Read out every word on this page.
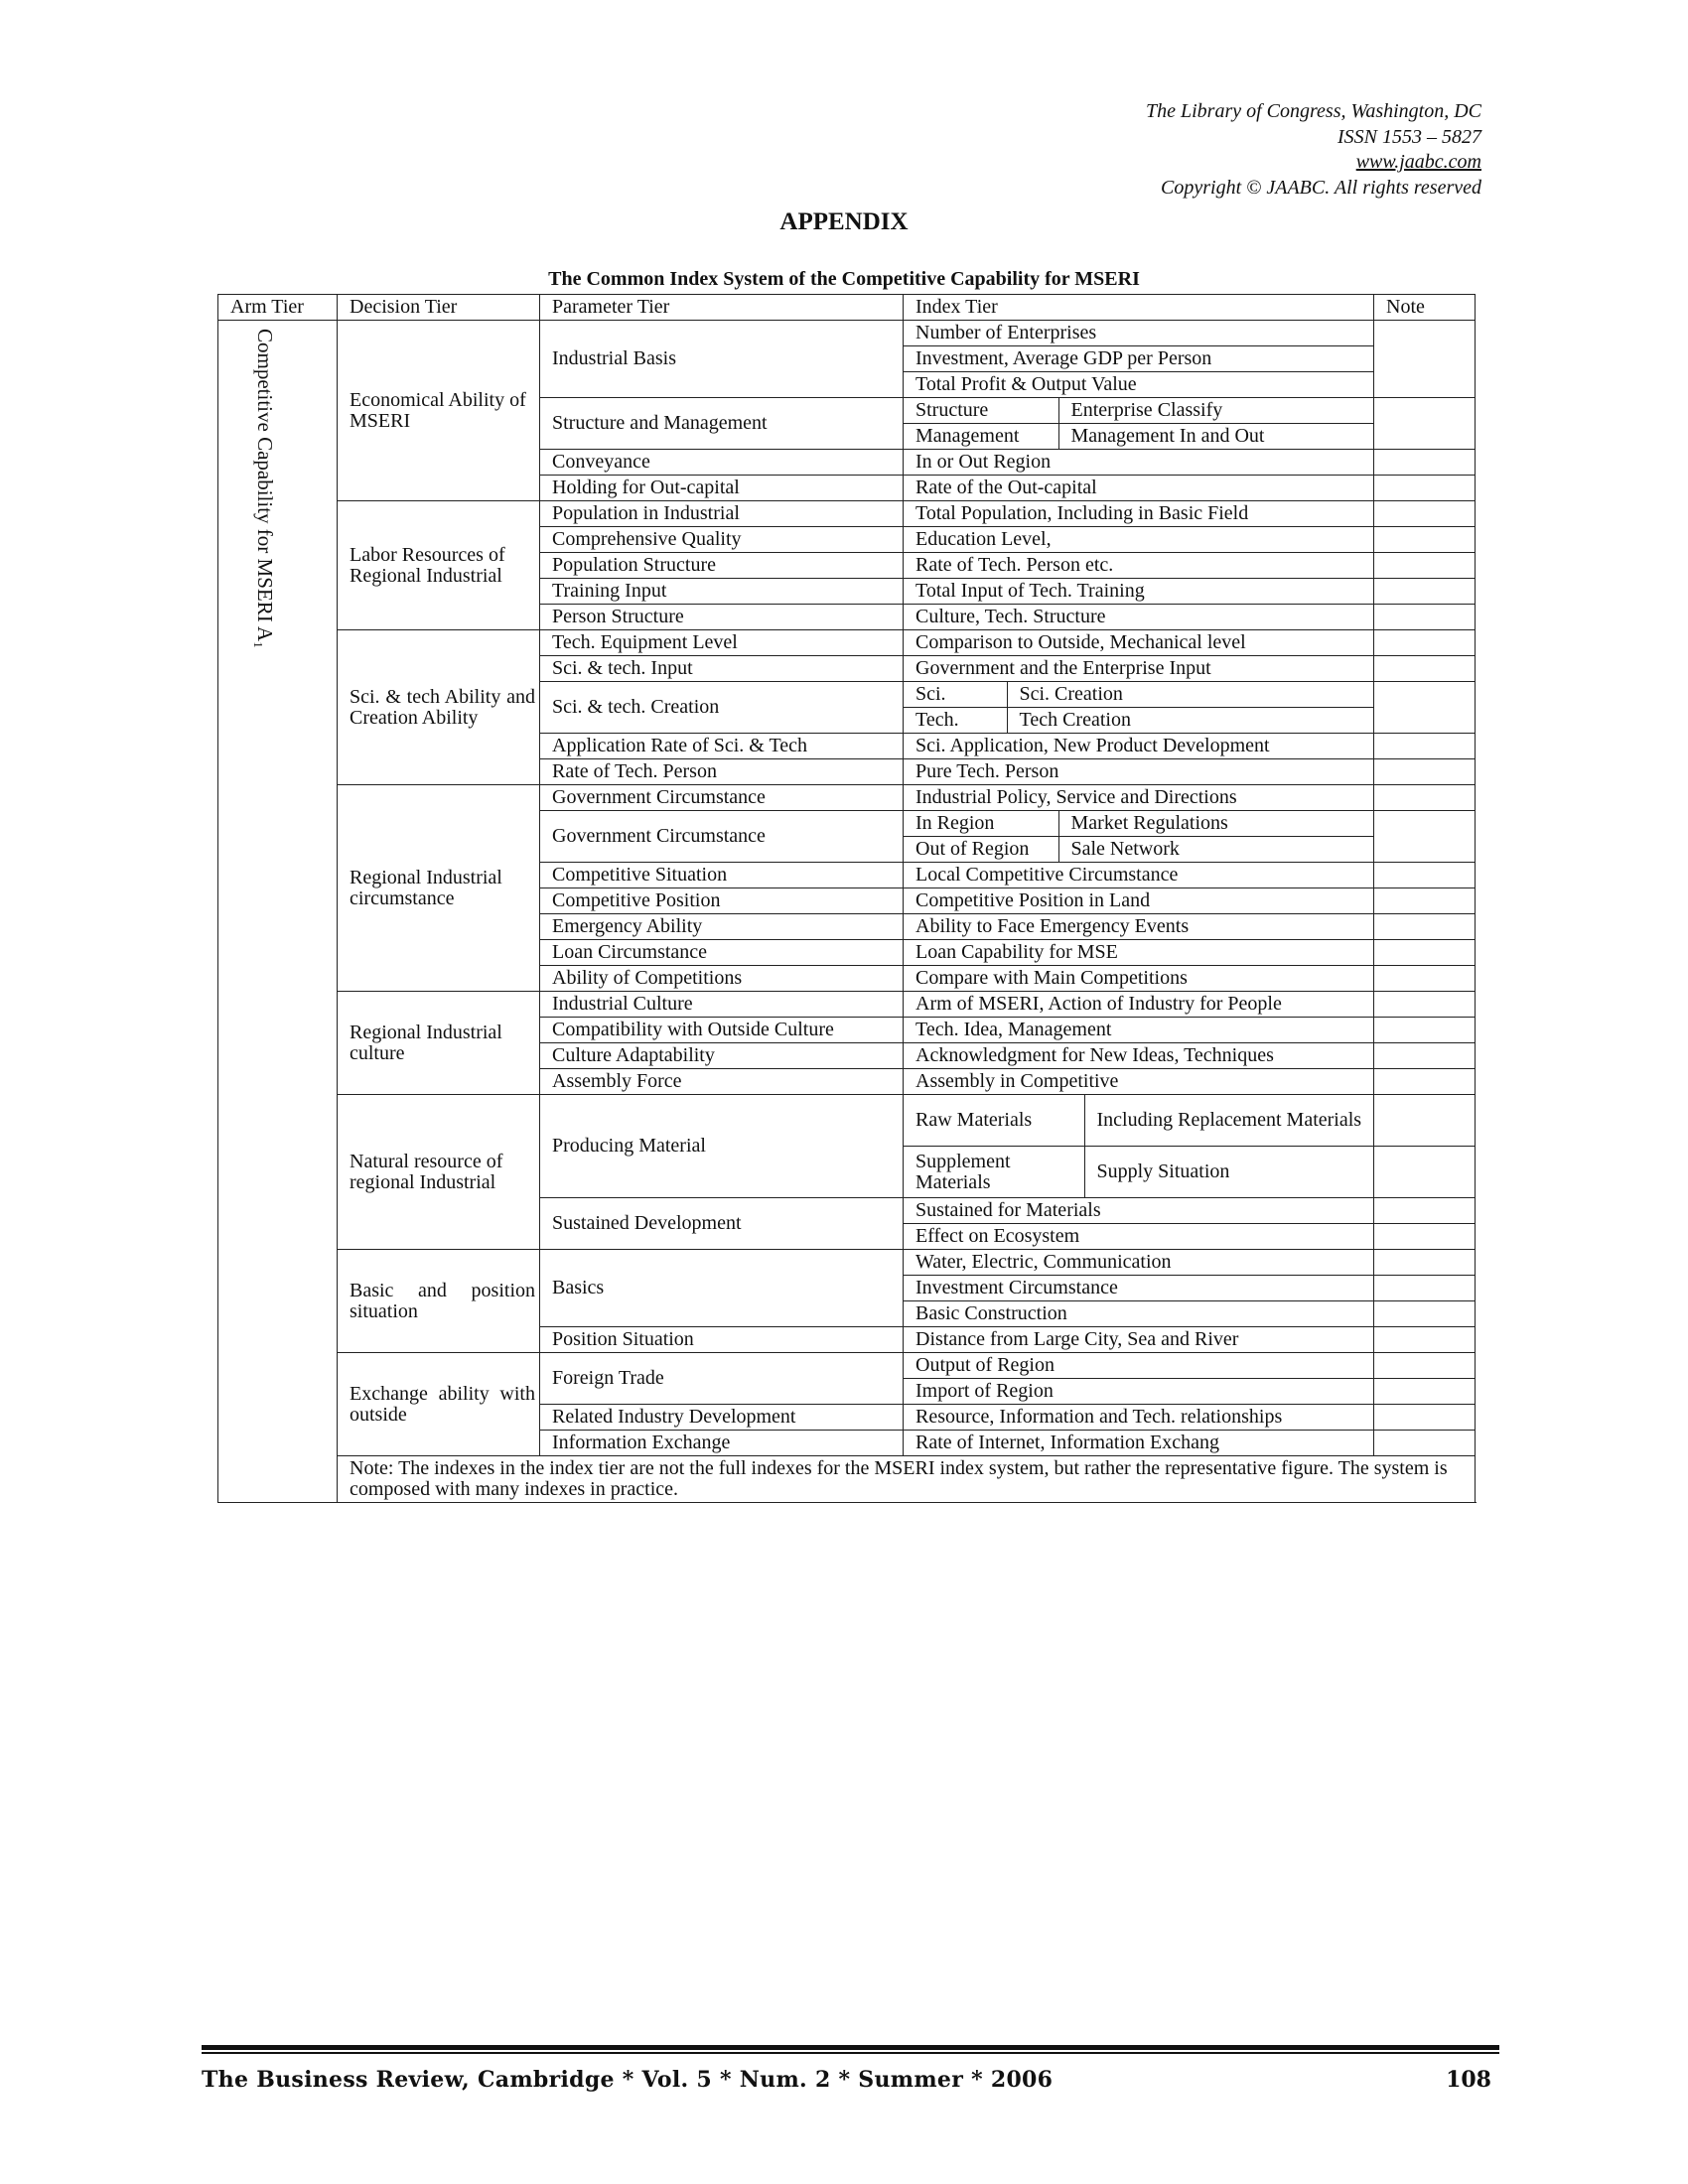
The Library of Congress, Washington, DC
ISSN 1553 – 5827
www.jaabc.com
Copyright © JAABC. All rights reserved
APPENDIX
The Common Index System of the Competitive Capability for MSERI
Arm Tier	Decision Tier	Parameter Tier	Index Tier	Note

Competitive Capability for MSERI A₁	Economical Ability of MSERI	Industrial Basis	Number of Enterprises	
Investment, Average GDP per Person
Total Profit & Output Value
Structure and Management	
Structure	Enterprise Classify

Management	Management In and Out

Conveyance	In or Out Region	
Holding for Out-capital	Rate of the Out-capital	
Labor Resources of Regional Industrial	Population in Industrial	Total Population, Including in Basic Field	
Comprehensive Quality	Education Level,	
Population Structure	Rate of Tech. Person etc.	
Training Input	Total Input of Tech. Training	
Person Structure	Culture, Tech. Structure	
Sci. & tech Ability and Creation Ability	Tech. Equipment Level	Comparison to Outside, Mechanical level	
Sci. & tech. Input	Government and the Enterprise Input	
Sci. & tech. Creation	
Sci.	Sci. Creation

Tech.	Tech Creation

Application Rate of Sci. & Tech	Sci. Application, New Product Development	
Rate of Tech. Person	Pure Tech. Person	
Regional Industrial circumstance	Government Circumstance	Industrial Policy, Service and Directions	
Government Circumstance	
In Region	Market Regulations

Out of Region	Sale Network

Competitive Situation	Local Competitive Circumstance	
Competitive Position	Competitive Position in Land	
Emergency Ability	Ability to Face Emergency Events	
Loan Circumstance	Loan Capability for MSE	
Ability of Competitions	Compare with Main Competitions	
Regional Industrial culture	Industrial Culture	Arm of MSERI, Action of Industry for People	
Compatibility with Outside Culture	Tech. Idea, Management	
Culture Adaptability	Acknowledgment for New Ideas, Techniques	
Assembly Force	Assembly in Competitive	
Natural resource of regional Industrial	Producing Material	
Raw Materials	Including Replacement Materials

Supplement Materials	Supply Situation

Sustained Development	Sustained for Materials	
Effect on Ecosystem	
Basic and position situation	Basics	Water, Electric, Communication	
Investment Circumstance	
Basic Construction	
Position Situation	Distance from Large City, Sea and River	
Exchange ability with outside	Foreign Trade	Output of Region	
Import of Region	
Related Industry Development	Resource, Information and Tech. relationships	
Information Exchange	Rate of Internet, Information Exchang	
Note: The indexes in the index tier are not the full indexes for the MSERI index system, but rather the representative figure. The system is composed with many indexes in practice.
The Business Review, Cambridge * Vol. 5 * Num. 2 * Summer * 2006	108
